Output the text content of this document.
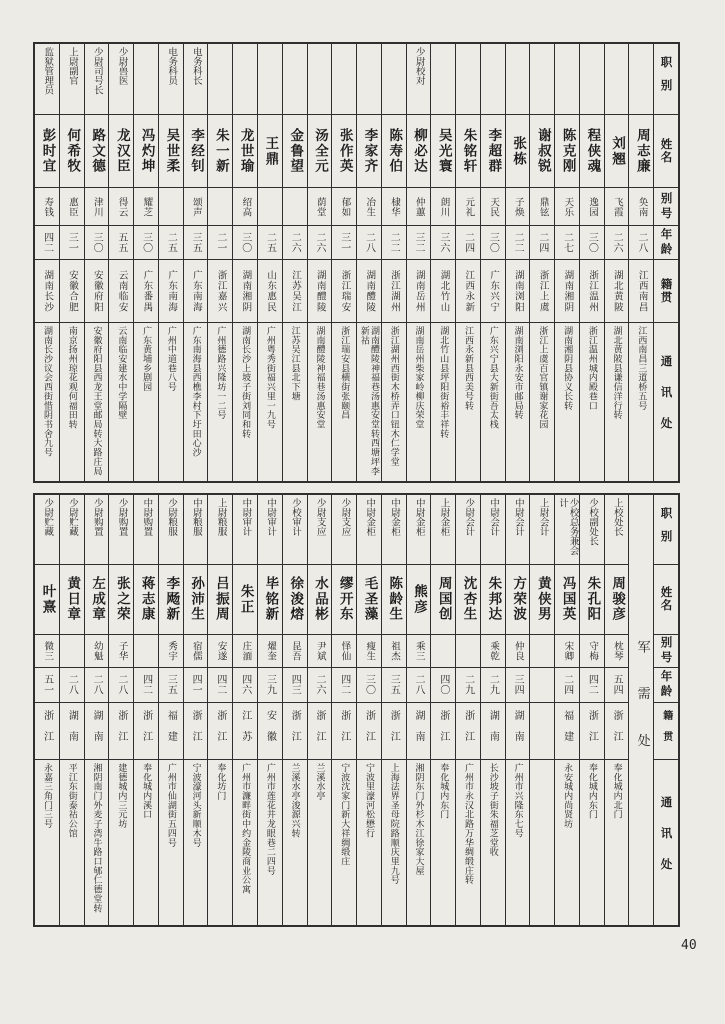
职别
姓名
别号
年龄
籍贯
通讯处
周志廉
奂南
二八
江西南昌
江西南昌三道桥五号
刘翘
飞霞
二六
湖北黄陂
湖北黄陂县谦信洋行转
程侠魂
逸园
三〇
浙江温州
浙江温州城内殿巷口
陈克刚
天乐
二七
湖南湘阴
湖南湘阴县协义长转
谢叔锐
鼎铉
二四
浙江上虞
浙江上虞百官镇谢家花园
张栋
子焕
二二
湖南浏阳
湖南浏阳永安市邮局转
李超群
天民
三〇
广东兴宁
广东兴宁县大新街吾太栈
朱铭轩
元礼
二四
江西永新
江西永新县西美号转
吴光寰
朗川
三六
湖北竹山
湖北竹山县坪阳街裕丰祥转
少尉校对
柳必达
仲蕙
三二
湖南岳州
湖南岳州柴家岭柳庆荣堂
陈寿伯
棣华
二二
浙江湖州
浙江湖州西街木桥弄口钮木仁学堂
李家齐
冶生
二八
湖南醴陵
湖南醴陵神福巷汤惠安堂转西塘坪李新祜
张作英
郁如
三一
浙江瑞安
浙江瑞安县横街张颐昌
汤全元
荫堂
二六
湖南醴陵
湖南醴陵神福巷汤惠安堂
金鲁望
二六
江苏吴江
江苏吴江县北下塘
王鼎
二五
山东惠民
广州粤秀街福兴里一九号
龙世瑜
绍高
三〇
湖南湘阴
湖南长沙上坡子街刘同和转
朱一新
二一
浙江嘉兴
广州德路兴隆坊一二号
电务科长
李经钊
颂声
三五
广东南海
广东南海县西樵李村下圩田心沙
电务科员
吴世柔
二五
广东南海
广州中道巷八号
冯灼坤
耀芝
三〇
广东番禺
广东黄埔乡剧园
少尉兽医
龙汉臣
得云
五五
云南临安
云南临安建水中学隔壁
少尉司号长
路文德
津川
三〇
安徽府阳
安徽府阳县西龙王堂邮局转大路庄局
上尉副官
何希牧
惠臣
三一
安徽合肥
南京扬州琼花观何福田转
监狱管理员
彭时宜
寿钱
四二
湖南长沙
湖南长沙议会西街惜阴书舍九号
职别
姓名
别号
年龄
籍贯
通讯处
军需处
上校处长
周骏彦
枕琴
五四
浙江
奉化城内北门
少校副处长
朱孔阳
守梅
四二
浙江
奉化城内东门
少校总务兼会计
冯国英
宋卿
二四
福建
永安城内尚贤坊
上尉会计
黄侠男
中尉会计
方荣波
仲良
三四
湖南
广州市兴隆东七号
中尉会计
朱邦达
乘乾
二九
湖南
长沙坡子街朱福芝堂收
少尉会计
沈杏生
二九
浙江
广州市永汉北路万华绸缎庄转
上尉金柜
周国创
四〇
浙江
奉化城内东门
中尉金柜
熊彦
乘三
二八
湖南
湘阴东门外杉木江徐家大屋
中尉金柜
陈龄生
祖杰
三五
浙江
上海法界圣母院路顺庆里九号
中尉金柜
毛圣藻
瘦生
三〇
浙江
宁波里濠河松懋行
少尉支应
缪开东
怿仙
四二
浙江
宁波沈家门新大祥绸缎庄
少尉支应
水品彬
尹斌
二六
浙江
兰溪水亭
少校审计
徐浚熔
昆吾
四三
浙江
兰溪水亭浚源兴转
中尉审计
毕铭新
燿奎
三九
安徽
广州市莲花井龙眼巷二四号
中尉审计
朱正
庄湎
四六
江苏
广州市濂畔街中约金陵商业公寓
上尉粮服
吕振周
安遂
四二
浙江
奉化坊门
中尉粮服
孙沛生
宿儒
四一
浙江
宁波濠河头新顺木号
少尉粮服
李飏新
秀宇
三五
福建
广州市仙湖街五四号
中尉购置
蒋志康
四二
浙江
奉化城内溪口
少尉购置
张之荣
子华
二八
浙江
建德城内三元坊
少尉购置
左成章
幼魁
二八
湖南
湘阴南门外麦子湾牛路口郇仁德堂转
少尉贮藏
黄日章
二八
湖南
平江东街泰祜公馆
少尉贮藏
叶熹
微三
五一
浙江
永嘉三角门三号
40
